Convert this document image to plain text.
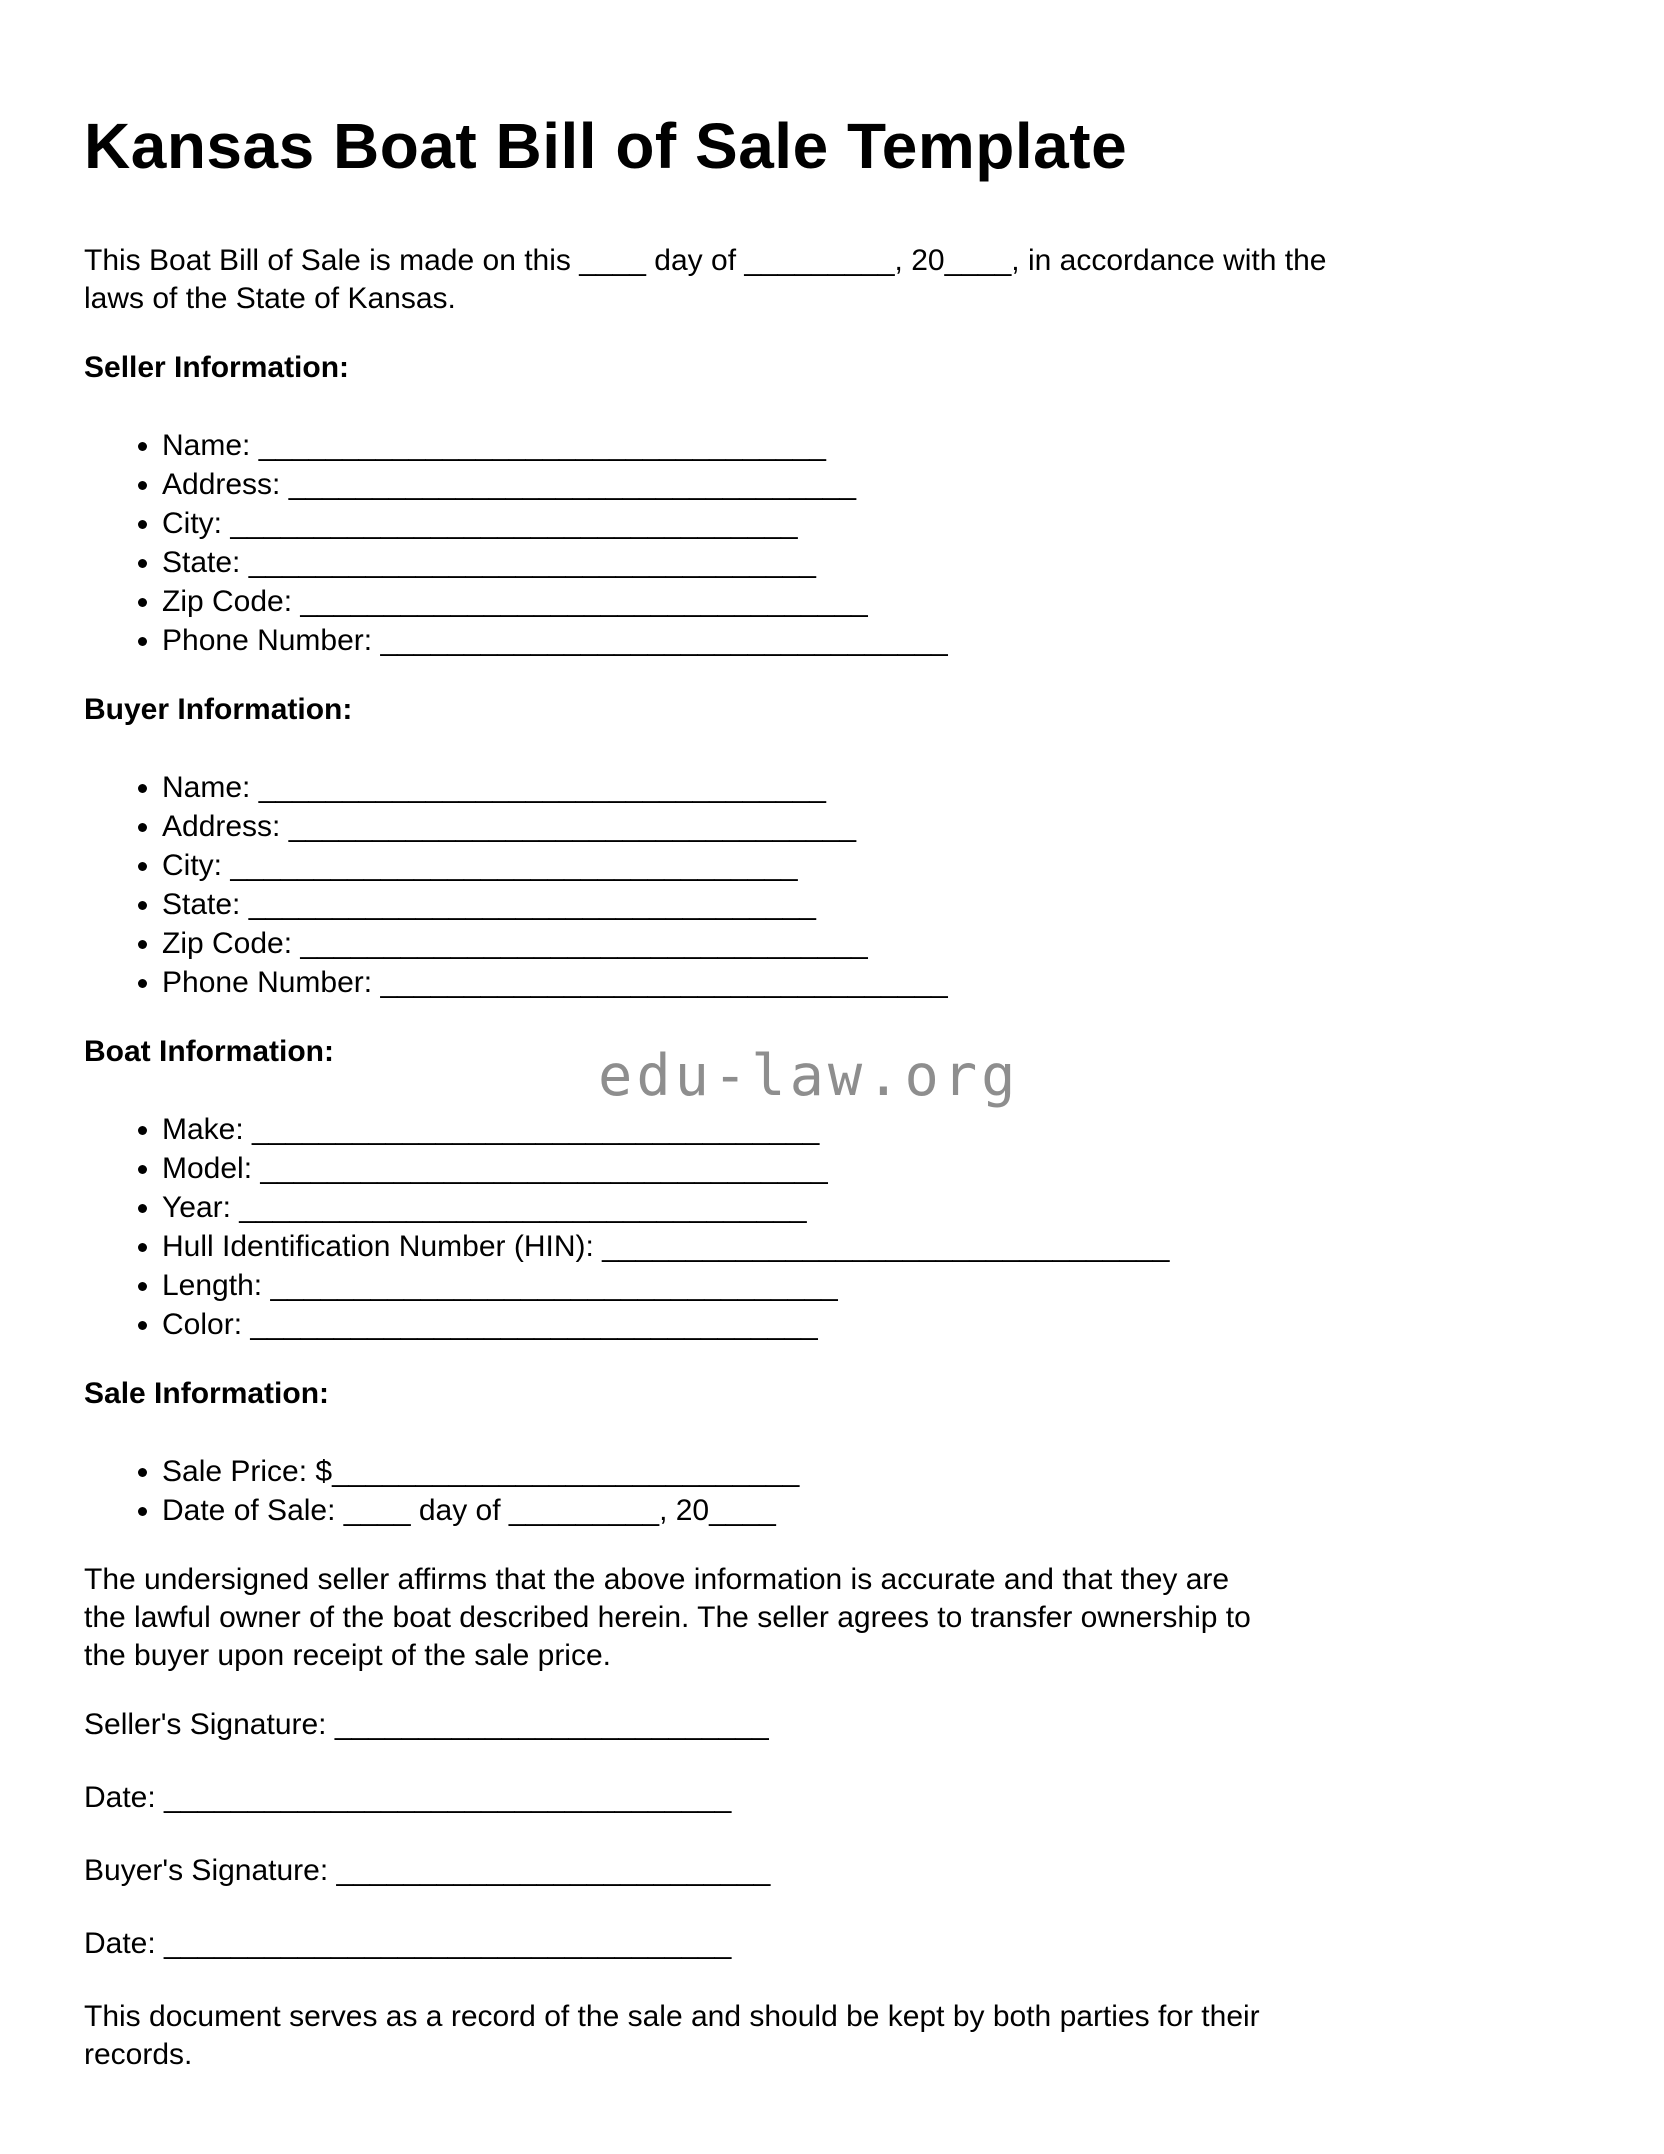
Kansas Boat Bill of Sale Template

This Boat Bill of Sale is made on this ____ day of _________, 20____, in accordance with the
laws of the State of Kansas.

Seller Information:
• Name: __________________________________
• Address: __________________________________
• City: __________________________________
• State: __________________________________
• Zip Code: __________________________________
• Phone Number: __________________________________
Buyer Information:
• Name: __________________________________
• Address: __________________________________
• City: __________________________________
• State: __________________________________
• Zip Code: __________________________________
• Phone Number: __________________________________
Boat Information:
• Make: __________________________________
• Model: __________________________________
• Year: __________________________________
• Hull Identification Number (HIN): __________________________________
• Length: __________________________________
• Color: __________________________________
Sale Information:
• Sale Price: $____________________________
• Date of Sale: ____ day of _________, 20____

The undersigned seller affirms that the above information is accurate and that they are
the lawful owner of the boat described herein. The seller agrees to transfer ownership to
the buyer upon receipt of the sale price.

Seller's Signature: __________________________

Date: __________________________________

Buyer's Signature: __________________________

Date: __________________________________

This document serves as a record of the sale and should be kept by both parties for their
records.

edu-law.org
